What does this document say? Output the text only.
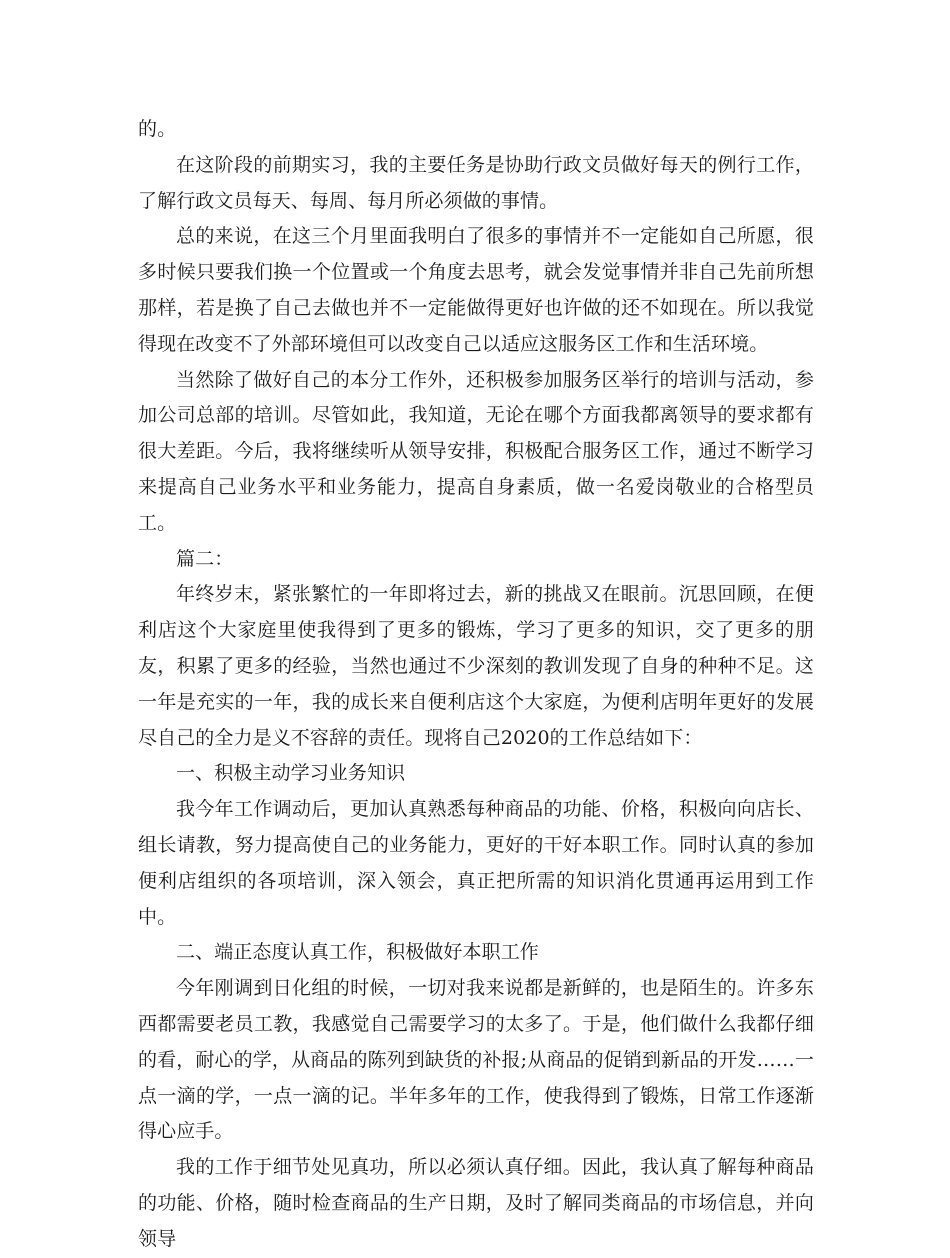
的。

在这阶段的前期实习，我的主要任务是协助行政文员做好每天的例行工作，了解行政文员每天、每周、每月所必须做的事情。

总的来说，在这三个月里面我明白了很多的事情并不一定能如自己所愿，很多时候只要我们换一个位置或一个角度去思考，就会发觉事情并非自己先前所想那样，若是换了自己去做也并不一定能做得更好也许做的还不如现在。所以我觉得现在改变不了外部环境但可以改变自己以适应这服务区工作和生活环境。

当然除了做好自己的本分工作外，还积极参加服务区举行的培训与活动，参加公司总部的培训。尽管如此，我知道，无论在哪个方面我都离领导的要求都有很大差距。今后，我将继续听从领导安排，积极配合服务区工作，通过不断学习来提高自己业务水平和业务能力，提高自身素质，做一名爱岗敬业的合格型员工。

篇二：

年终岁末，紧张繁忙的一年即将过去，新的挑战又在眼前。沉思回顾，在便利店这个大家庭里使我得到了更多的锻炼，学习了更多的知识，交了更多的朋友，积累了更多的经验，当然也通过不少深刻的教训发现了自身的种种不足。这一年是充实的一年，我的成长来自便利店这个大家庭，为便利店明年更好的发展尽自己的全力是义不容辞的责任。现将自己2020的工作总结如下：

一、积极主动学习业务知识

我今年工作调动后，更加认真熟悉每种商品的功能、价格，积极向向店长、组长请教，努力提高使自己的业务能力，更好的干好本职工作。同时认真的参加便利店组织的各项培训，深入领会，真正把所需的知识消化贯通再运用到工作中。

二、端正态度认真工作，积极做好本职工作

今年刚调到日化组的时候，一切对我来说都是新鲜的，也是陌生的。许多东西都需要老员工教，我感觉自己需要学习的太多了。于是，他们做什么我都仔细的看，耐心的学，从商品的陈列到缺货的补报;从商品的促销到新品的开发……一点一滴的学，一点一滴的记。半年多年的工作，使我得到了锻炼，日常工作逐渐得心应手。

我的工作于细节处见真功，所以必须认真仔细。因此，我认真了解每种商品的功能、价格，随时检查商品的生产日期，及时了解同类商品的市场信息，并向领导
